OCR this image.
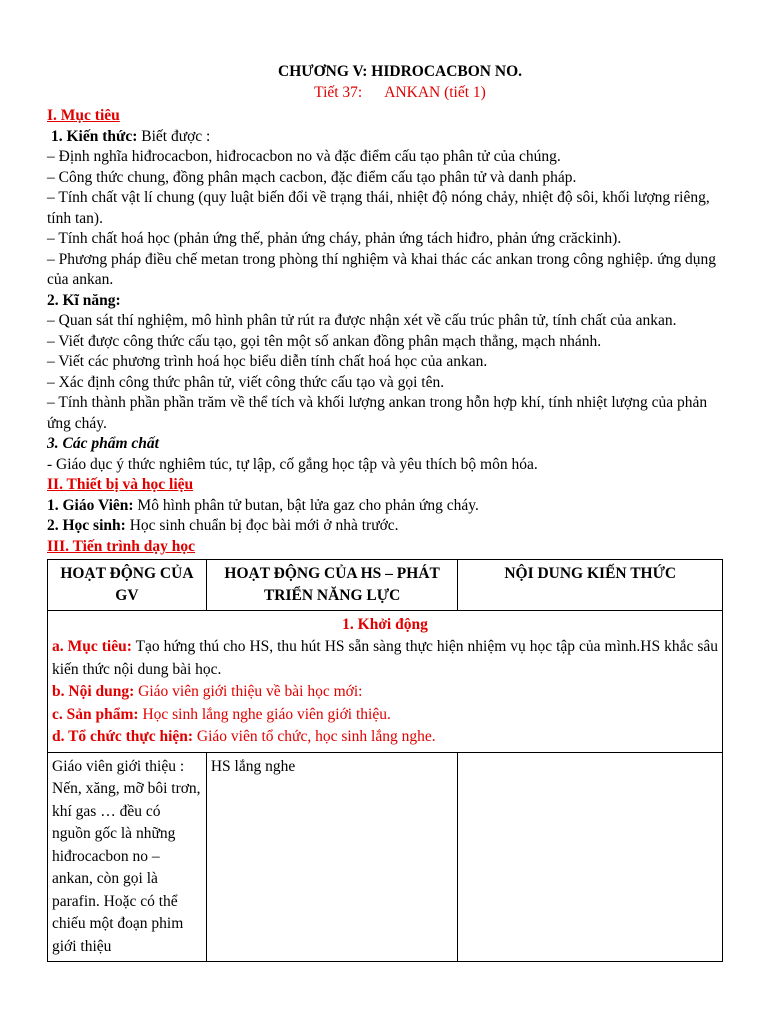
CHƯƠNG V: HIDROCACBON NO.
Tiết 37: ANKAN (tiết 1)

I. Mục tiêu

1. Kiến thức: Biết được :

– Định nghĩa hiđrocacbon, hiđrocacbon no và đặc điểm cấu tạo phân tử của chúng.

– Công thức chung, đồng phân mạch cacbon, đặc điểm cấu tạo phân tử và danh pháp.

– Tính chất vật lí chung (quy luật biến đổi về trạng thái, nhiệt độ nóng chảy, nhiệt độ sôi, khối lượng riêng, tính tan).

– Tính chất hoá học (phản ứng thế, phản ứng cháy, phản ứng tách hiđro, phản ứng crăckinh).

– Phương pháp điều chế metan trong phòng thí nghiệm và khai thác các ankan trong công nghiệp. ứng dụng của ankan.

2. Kĩ năng:

– Quan sát thí nghiệm, mô hình phân tử rút ra được nhận xét về cấu trúc phân tử, tính chất của ankan.

– Viết được công thức cấu tạo, gọi tên một số ankan đồng phân mạch thẳng, mạch nhánh.

– Viết các phương trình hoá học biểu diễn tính chất hoá học của ankan.

– Xác định công thức phân tử, viết công thức cấu tạo và gọi tên.

– Tính thành phần phần trăm về thể tích và khối lượng ankan trong hỗn hợp khí, tính nhiệt lượng của phản ứng cháy.

3. Các phẩm chất

- Giáo dục ý thức nghiêm túc, tự lập, cố gắng học tập và yêu thích bộ môn hóa.

II. Thiết bị và học liệu

1. Giáo Viên: Mô hình phân tử butan, bật lửa gaz cho phản ứng cháy.

2. Học sinh: Học sinh chuẩn bị đọc bài mới ở nhà trước.

III. Tiến trình dạy học

HOẠT ĐỘNG CỦA GV	HOẠT ĐỘNG CỦA HS – PHÁT TRIỂN NĂNG LỰC	NỘI DUNG KIẾN THỨC

1. Khởi động

a. Mục tiêu: Tạo hứng thú cho HS, thu hút HS sẵn sàng thực hiện nhiệm vụ học tập của mình.HS khắc sâu kiến thức nội dung bài học.

b. Nội dung: Giáo viên giới thiệu về bài học mới:

c. Sản phẩm: Học sinh lắng nghe giáo viên giới thiệu.

d. Tổ chức thực hiện: Giáo viên tổ chức, học sinh lắng nghe.		

Giáo viên giới thiệu : Nến, xăng, mỡ bôi trơn, khí gas … đều có nguồn gốc là những hiđrocacbon no – ankan, còn gọi là parafin. Hoặc có thể chiếu một đoạn phim giới thiệu	HS lắng nghe	
